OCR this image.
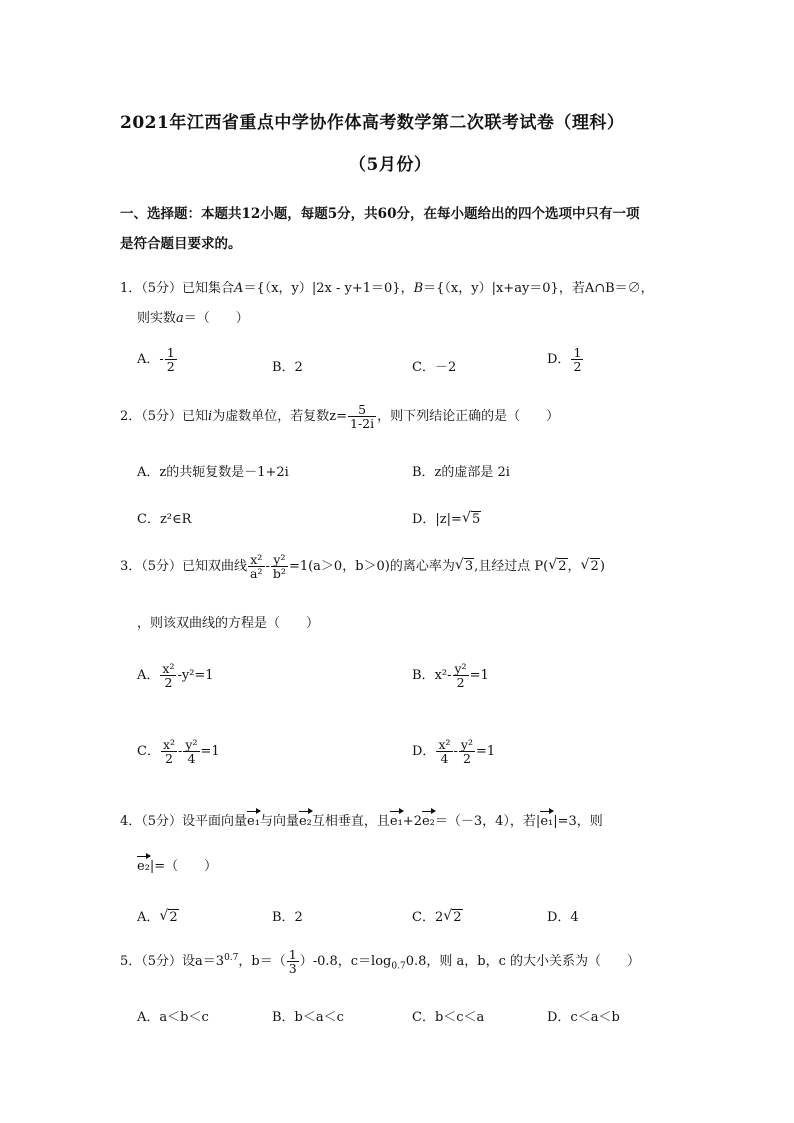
2021年江西省重点中学协作体高考数学第二次联考试卷（理科）
（5月份）
一、选择题：本题共12小题，每题5分，共60分，在每小题给出的四个选项中只有一项
是符合题目要求的。
1．（5分）已知集合A＝{（x，y）|2x - y+1＝0}，B＝{（x，y）|x+ay＝0}，若A∩B＝∅，
则实数a＝（　　）
A．- $\frac{1}{2}$	B．2	C．－2
D． $\frac{1}{2}$
2．（5分）已知i为虚数单位，若复数$z= \frac{5}{1-2i}$ ，则下列结论正确的是（　　）
A．z的共轭复数是－1+2i	B．z的虚部是 2i
C．z²∈R	D．|z|= √ 5
3．（5分）已知双曲线 $\frac{\text{x²}}{\text{a²}} - \frac{\text{y²}}{\text{b²}} =1(a>0$，b＞0)的离心率为 √ 3,且经过点 P( √ 2， √ 2)
，则该双曲线的方程是（　　）
A． $\frac{\text{x²}}{2} -y^2=1$	B．$x^2- \frac{\text{y²}}{2} =1$
C． $\frac{\text{x²}}{2} - \frac{\text{y²}}{4} =1$	D． $\frac{\text{x²}}{4} - \frac{\text{y²}}{2} =1$
4．（5分）设平面向量e₁与向量e₂互相垂直，且e₁+2e₂＝（－3，4），若|e₁|=3，则
e₂|=（　　）
A． √ 2	B．2	C．2 √ 2	D．4
5．（5分）设$a=3^{0.7}$，$b=( \frac{1}{3} )-0.8$，$c=\log_{0.7}0.8$，则 a，b，c 的大小关系为（　　）
A．a＜b＜c	B．b＜a＜c	C．b＜c＜a	D．c＜a＜b
